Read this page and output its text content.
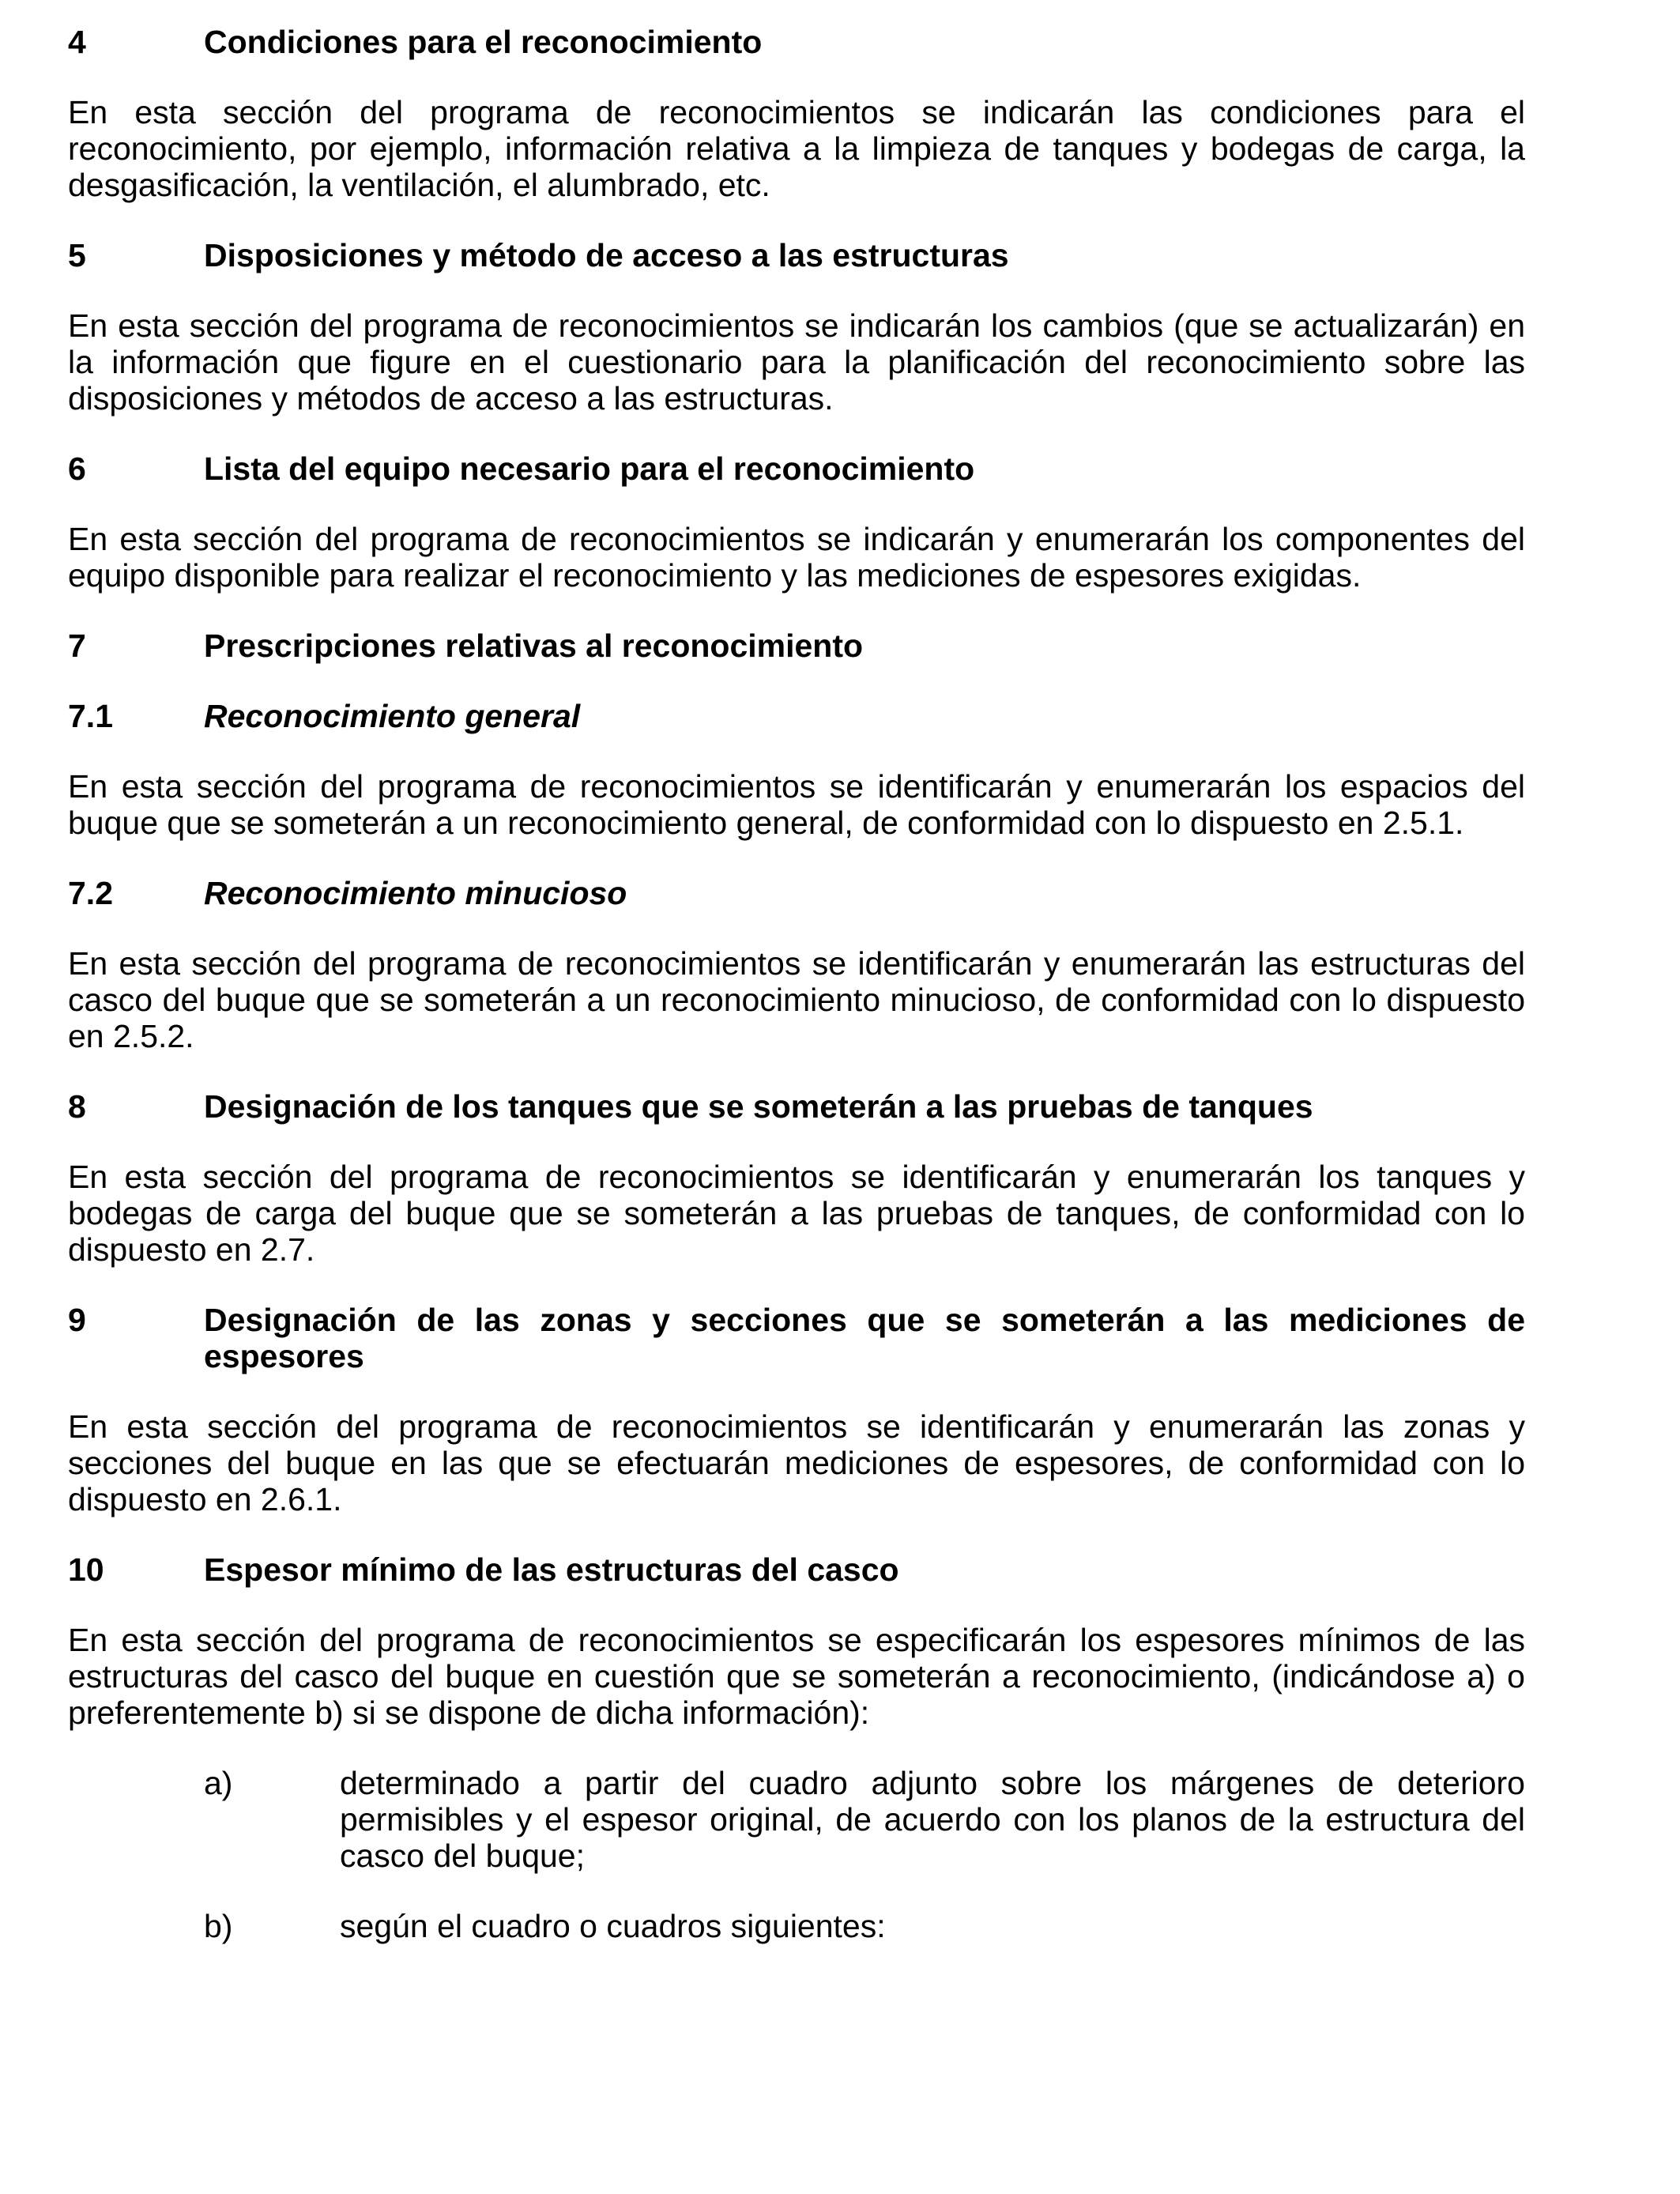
4	Condiciones para el reconocimiento

En esta sección del programa de reconocimientos se indicarán las condiciones para el reconocimiento, por ejemplo, información relativa a la limpieza de tanques y bodegas de carga, la desgasificación, la ventilación, el alumbrado, etc.

5	Disposiciones y método de acceso a las estructuras

En esta sección del programa de reconocimientos se indicarán los cambios (que se actualizarán) en la información que figure en el cuestionario para la planificación del reconocimiento sobre las disposiciones y métodos de acceso a las estructuras.

6	Lista del equipo necesario para el reconocimiento

En esta sección del programa de reconocimientos se indicarán y enumerarán los componentes del equipo disponible para realizar el reconocimiento y las mediciones de espesores exigidas.

7	Prescripciones relativas al reconocimiento
7.1	Reconocimiento general

En esta sección del programa de reconocimientos se identificarán y enumerarán los espacios del buque que se someterán a un reconocimiento general, de conformidad con lo dispuesto en 2.5.1.

7.2	Reconocimiento minucioso

En esta sección del programa de reconocimientos se identificarán y enumerarán las estructuras del casco del buque que se someterán a un reconocimiento minucioso, de conformidad con lo dispuesto en 2.5.2.

8	Designación de los tanques que se someterán a las pruebas de tanques

En esta sección del programa de reconocimientos se identificarán y enumerarán los tanques y bodegas de carga del buque que se someterán a las pruebas de tanques, de conformidad con lo dispuesto en 2.7.

9	Designación de las zonas y secciones que se someterán a las mediciones de espesores

En esta sección del programa de reconocimientos se identificarán y enumerarán las zonas y secciones del buque en las que se efectuarán mediciones de espesores, de conformidad con lo dispuesto en 2.6.1.

10	Espesor mínimo de las estructuras del casco

En esta sección del programa de reconocimientos se especificarán los espesores mínimos de las estructuras del casco del buque en cuestión que se someterán a reconocimiento, (indicándose a) o preferentemente b) si se dispone de dicha información):

a)	determinado a partir del cuadro adjunto sobre los márgenes de deterioro permisibles y el espesor original, de acuerdo con los planos de la estructura del casco del buque;
b)	según el cuadro o cuadros siguientes:
